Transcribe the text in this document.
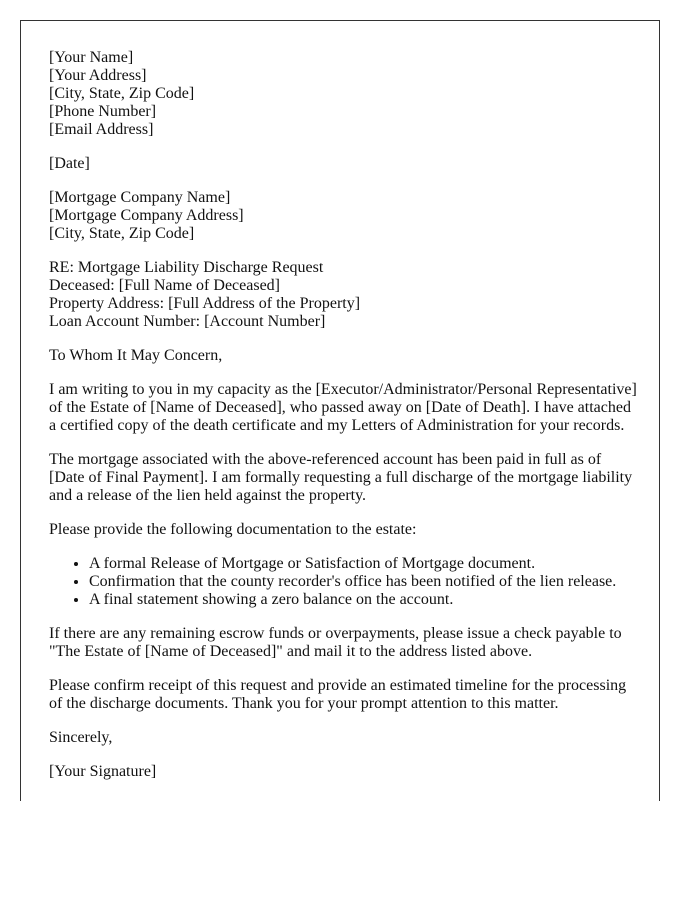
[Your Name]
[Your Address]
[City, State, Zip Code]
[Phone Number]
[Email Address]
[Date]
[Mortgage Company Name]
[Mortgage Company Address]
[City, State, Zip Code]
RE: Mortgage Liability Discharge Request
Deceased: [Full Name of Deceased]
Property Address: [Full Address of the Property]
Loan Account Number: [Account Number]

To Whom It May Concern,

I am writing to you in my capacity as the [Executor/Administrator/Personal Representative] of the Estate of [Name of Deceased], who passed away on [Date of Death]. I have attached a certified copy of the death certificate and my Letters of Administration for your records.

The mortgage associated with the above-referenced account has been paid in full as of [Date of Final Payment]. I am formally requesting a full discharge of the mortgage liability and a release of the lien held against the property.

Please provide the following documentation to the estate:

• A formal Release of Mortgage or Satisfaction of Mortgage document.
• Confirmation that the county recorder's office has been notified of the lien release.
• A final statement showing a zero balance on the account.

If there are any remaining escrow funds or overpayments, please issue a check payable to "The Estate of [Name of Deceased]" and mail it to the address listed above.

Please confirm receipt of this request and provide an estimated timeline for the processing of the discharge documents. Thank you for your prompt attention to this matter.

Sincerely,

[Your Signature]
